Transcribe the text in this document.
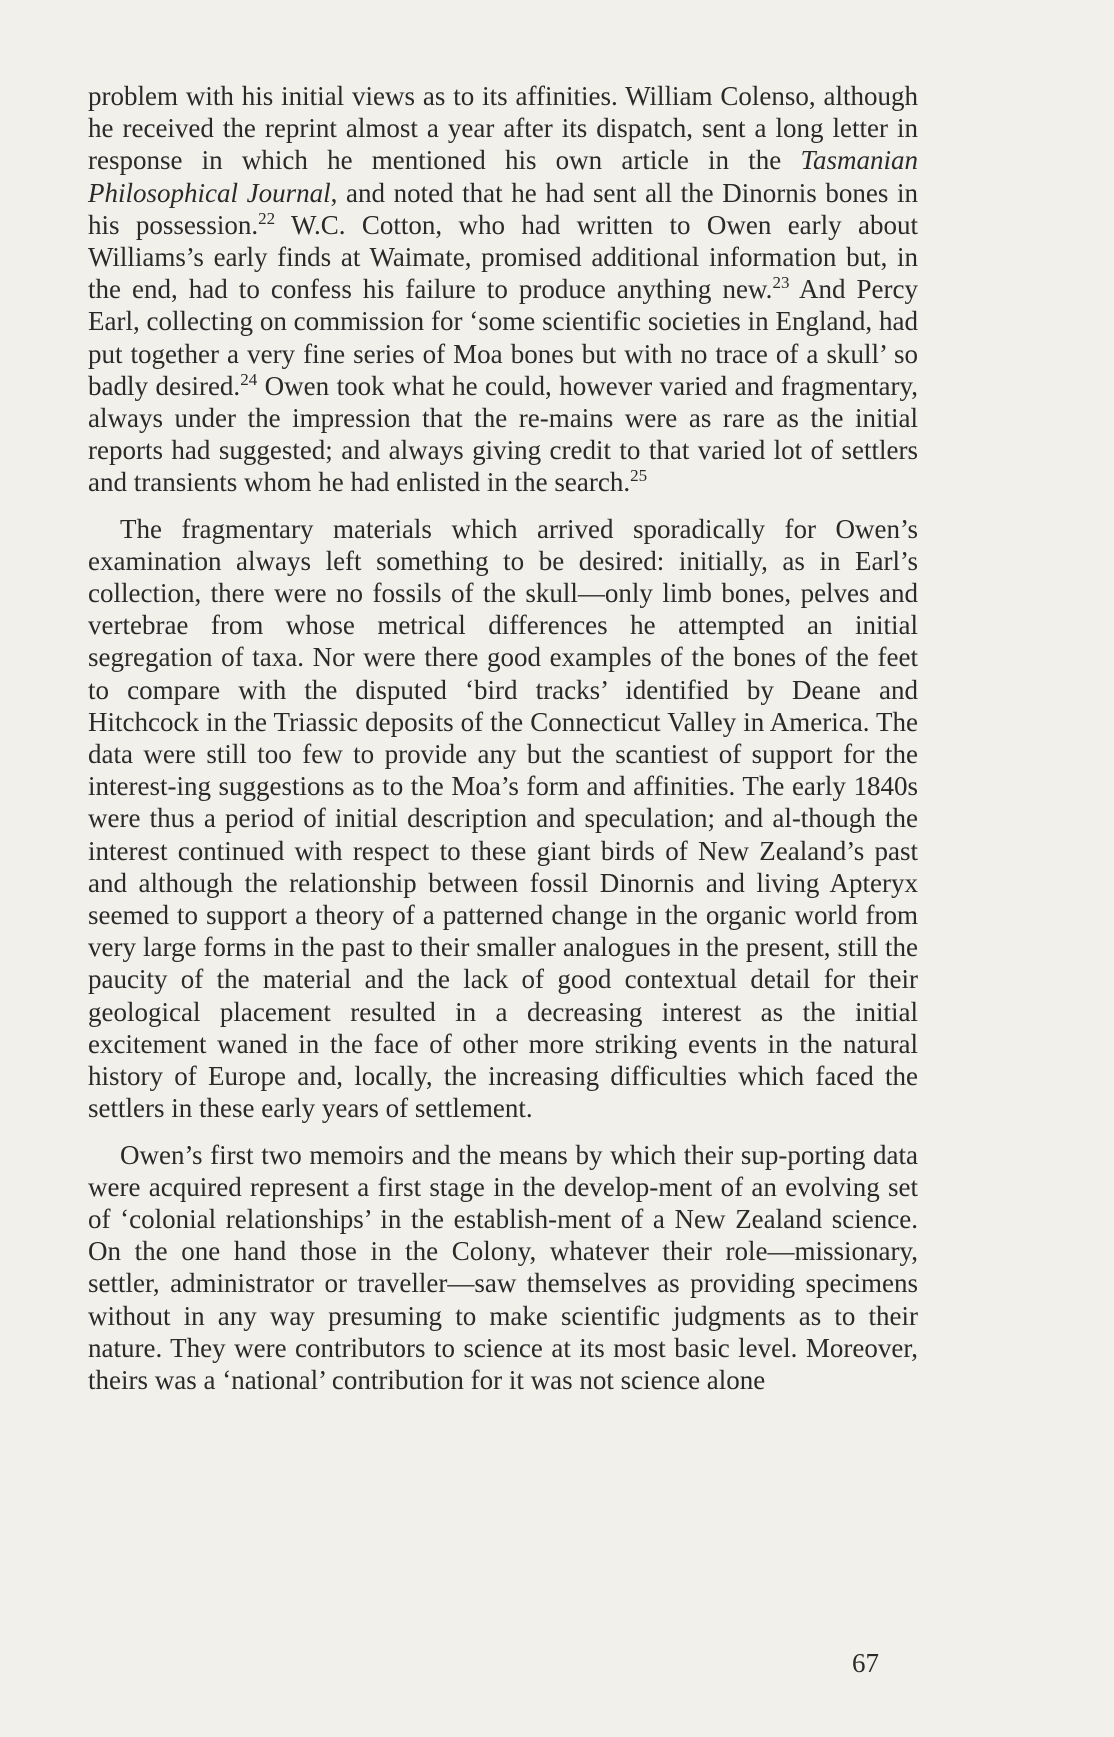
problem with his initial views as to its affinities. William Colenso, although he received the reprint almost a year after its dispatch, sent a long letter in response in which he mentioned his own article in the Tasmanian Philosophical Journal, and noted that he had sent all the Dinornis bones in his possession.$^{22}$ W.C. Cotton, who had written to Owen early about Williams’s early finds at Waimate, promised additional information but, in the end, had to confess his failure to produce anything new.$^{23}$ And Percy Earl, collecting on commission for ‘some scientific societies in England, had put together a very fine series of Moa bones but with no trace of a skull’ so badly desired.$^{24}$ Owen took what he could, however varied and fragmentary, always under the impression that the re-mains were as rare as the initial reports had suggested; and always giving credit to that varied lot of settlers and transients whom he had enlisted in the search.$^{25}$

The fragmentary materials which arrived sporadically for Owen’s examination always left something to be desired: initially, as in Earl’s collection, there were no fossils of the skull—only limb bones, pelves and vertebrae from whose metrical differences he attempted an initial segregation of taxa. Nor were there good examples of the bones of the feet to compare with the disputed ‘bird tracks’ identified by Deane and Hitchcock in the Triassic deposits of the Connecticut Valley in America. The data were still too few to provide any but the scantiest of support for the interest-ing suggestions as to the Moa’s form and affinities. The early 1840s were thus a period of initial description and speculation; and al-though the interest continued with respect to these giant birds of New Zealand’s past and although the relationship between fossil Dinornis and living Apteryx seemed to support a theory of a patterned change in the organic world from very large forms in the past to their smaller analogues in the present, still the paucity of the material and the lack of good contextual detail for their geological placement resulted in a decreasing interest as the initial excitement waned in the face of other more striking events in the natural history of Europe and, locally, the increasing difficulties which faced the settlers in these early years of settlement.

Owen’s first two memoirs and the means by which their sup-porting data were acquired represent a first stage in the develop-ment of an evolving set of ‘colonial relationships’ in the establish-ment of a New Zealand science. On the one hand those in the Colony, whatever their role—missionary, settler, administrator or traveller—saw themselves as providing specimens without in any way presuming to make scientific judgments as to their nature. They were contributors to science at its most basic level. Moreover, theirs was a ‘national’ contribution for it was not science alone

67
